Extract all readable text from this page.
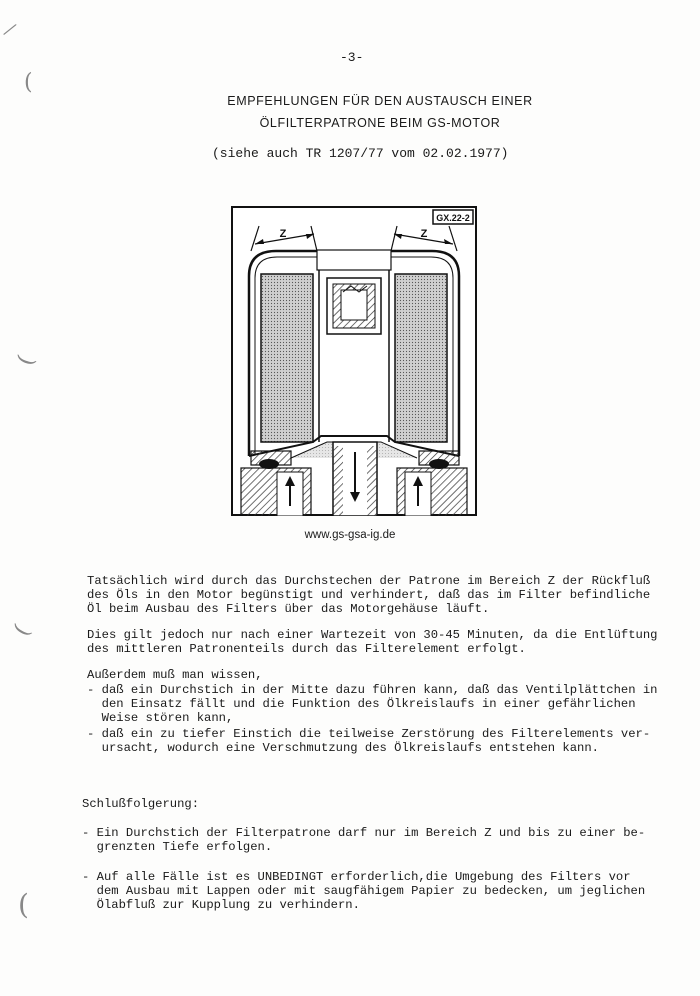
⁄
(
(
(
(
-3-
EMPFEHLUNGEN FÜR DEN AUSTAUSCH EINER
ÖLFILTERPATRONE BEIM GS-MOTOR
(siehe auch TR 1207/77 vom 02.02.1977)
GX.22-2
Z	Z
www.gs-gsa-ig.de
Tatsächlich wird durch das Durchstechen der Patrone im Bereich Z der Rückfluß
des Öls in den Motor begünstigt und verhindert, daß das im Filter befindliche
Öl beim Ausbau des Filters über das Motorgehäuse läuft.
Dies gilt jedoch nur nach einer Wartezeit von 30-45 Minuten, da die Entlüftung
des mittleren Patronenteils durch das Filterelement erfolgt.
Außerdem muß man wissen,
- daß ein Durchstich in der Mitte dazu führen kann, daß das Ventilplättchen in
den Einsatz fällt und die Funktion des Ölkreislaufs in einer gefährlichen
Weise stören kann,
- daß ein zu tiefer Einstich die teilweise Zerstörung des Filterelements ver-
ursacht, wodurch eine Verschmutzung des Ölkreislaufs entstehen kann.
Schlußfolgerung:
- Ein Durchstich der Filterpatrone darf nur im Bereich Z und bis zu einer be-
grenzten Tiefe erfolgen.
- Auf alle Fälle ist es UNBEDINGT erforderlich,die Umgebung des Filters vor
dem Ausbau mit Lappen oder mit saugfähigem Papier zu bedecken, um jeglichen
Ölabfluß zur Kupplung zu verhindern.
